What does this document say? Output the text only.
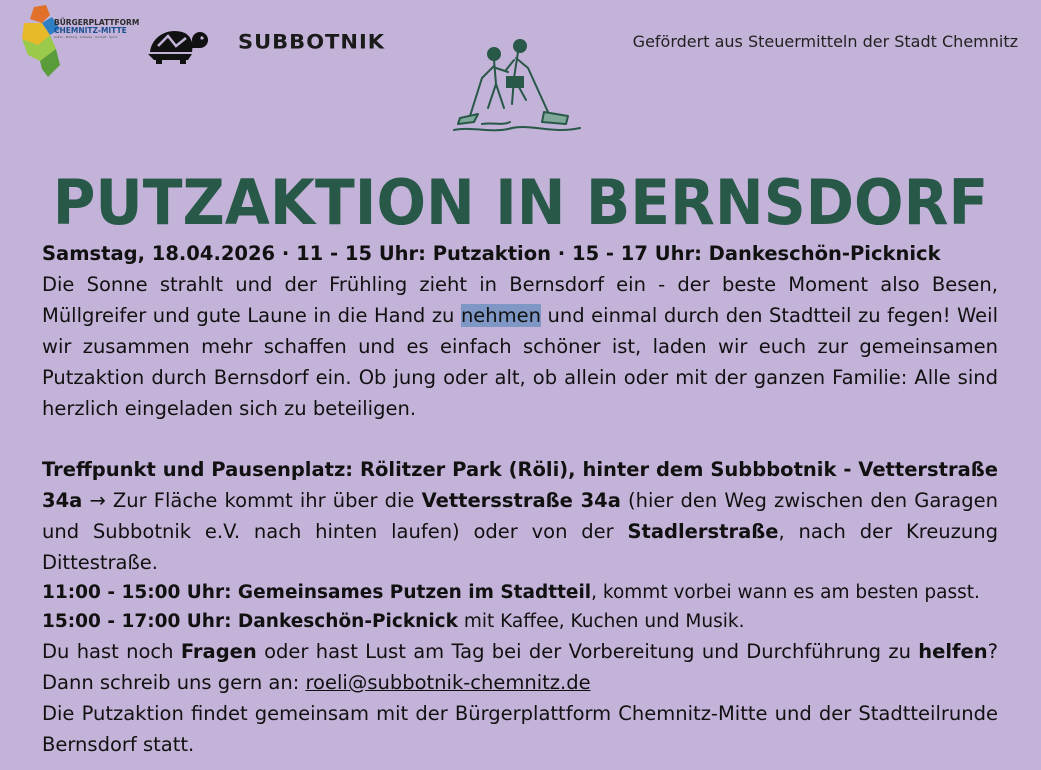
BÜRGERPLATTFORM
CHEMNITZ-MITTE
Kultur · Bildung · Soziales · Umwelt · Sport	SUBBOTNIK	Gefördert aus Steuermitteln der Stadt Chemnitz
PUTZAKTION IN BERNSDORF

Samstag, 18.04.2026 · 11 - 15 Uhr: Putzaktion · 15 - 17 Uhr: Dankeschön-Picknick

Die Sonne strahlt und der Frühling zieht in Bernsdorf ein - der beste Moment also Besen, Müllgreifer und gute Laune in die Hand zu nehmen und einmal durch den Stadtteil zu fegen! Weil wir zusammen mehr schaffen und es einfach schöner ist, laden wir euch zur gemeinsamen Putzaktion durch Bernsdorf ein. Ob jung oder alt, ob allein oder mit der ganzen Familie: Alle sind herzlich eingeladen sich zu beteiligen.

Treffpunkt und Pausenplatz: Rölitzer Park (Röli), hinter dem Subbbotnik - Vetterstraße 34a → Zur Fläche kommt ihr über die Vettersstraße 34a (hier den Weg zwischen den Garagen und Subbotnik e.V. nach hinten laufen) oder von der Stadlerstraße, nach der Kreuzung Dittestraße.

11:00 - 15:00 Uhr: Gemeinsames Putzen im Stadtteil, kommt vorbei wann es am besten passt.

15:00 - 17:00 Uhr: Dankeschön-Picknick mit Kaffee, Kuchen und Musik.

Du hast noch Fragen oder hast Lust am Tag bei der Vorbereitung und Durchführung zu helfen? Dann schreib uns gern an: roeli@subbotnik-chemnitz.de

Die Putzaktion findet gemeinsam mit der Bürgerplattform Chemnitz-Mitte und der Stadtteilrunde Bernsdorf statt.
